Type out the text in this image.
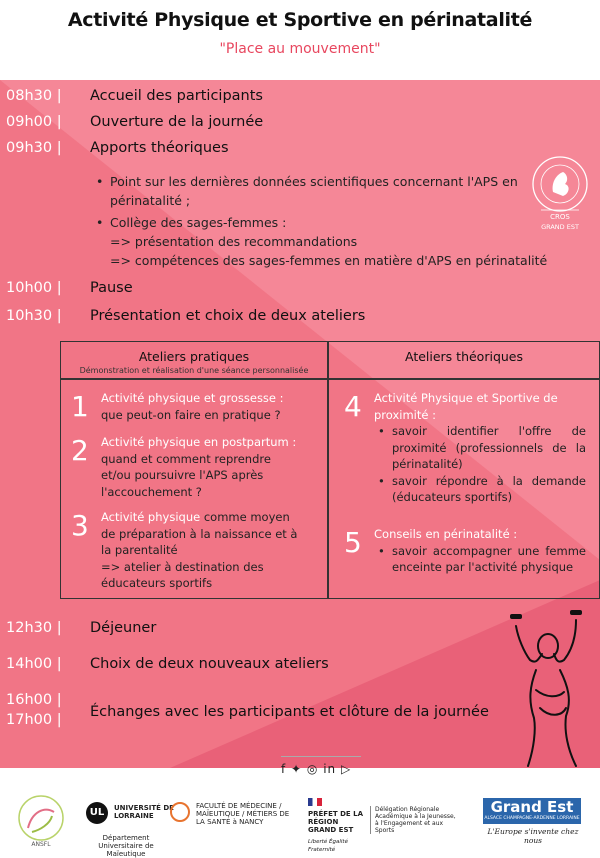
Activité Physique et Sportive en périnatalité
"Place au mouvement"
CROS
GRAND EST
08h30 |	Accueil des participants
09h00 |	Ouverture de la journée
09h30 |	Apports théoriques
• Point sur les dernières données scientifiques concernant l'APS en
périnatalité ;
• Collège des sages-femmes :
=> présentation des recommandations
=> compétences des sages-femmes en matière d'APS en périnatalité
10h00 |	Pause
10h30 |	Présentation et choix de deux ateliers
Ateliers pratiques
Démonstration et réalisation d'une séance personnalisée
Ateliers théoriques
1 Activité physique et grossesse :
que peut-on faire en pratique ?
2 Activité physique en postpartum :
quand et comment reprendre
et/ou poursuivre l'APS après
l'accouchement ?
3 Activité physique comme moyen
de préparation à la naissance et à
la parentalité
=> atelier à destination des
éducateurs sportifs
4 Activité Physique et Sportive de
proximité :
• savoir identifier l'offre de proximité (professionnels de la périnatalité)
• savoir répondre à la demande (éducateurs sportifs)
5 Conseils en périnatalité :
• savoir accompagner une femme enceinte par l'activité physique
12h30 |	Déjeuner
14h00 |	Choix de deux nouveaux ateliers
16h00 |
17h00 |	Échanges avec les participants et clôture de la journée
f ✦ ◎ in ▷
ANSFL
UL	UNIVERSITÉ DE LORRAINE
Département Universitaire de Maïeutique
FACULTÉ DE MÉDECINE / MAÏEUTIQUE / MÉTIERS DE LA SANTÉ à NANCY
PRÉFET DE LA RÉGION GRAND EST
Liberté Égalité Fraternité
Délégation Régionale Académique à la Jeunesse, à l'Engagement et aux Sports
Grand Est
ALSACE CHAMPAGNE-ARDENNE LORRAINE
L'Europe s'invente chez nous
